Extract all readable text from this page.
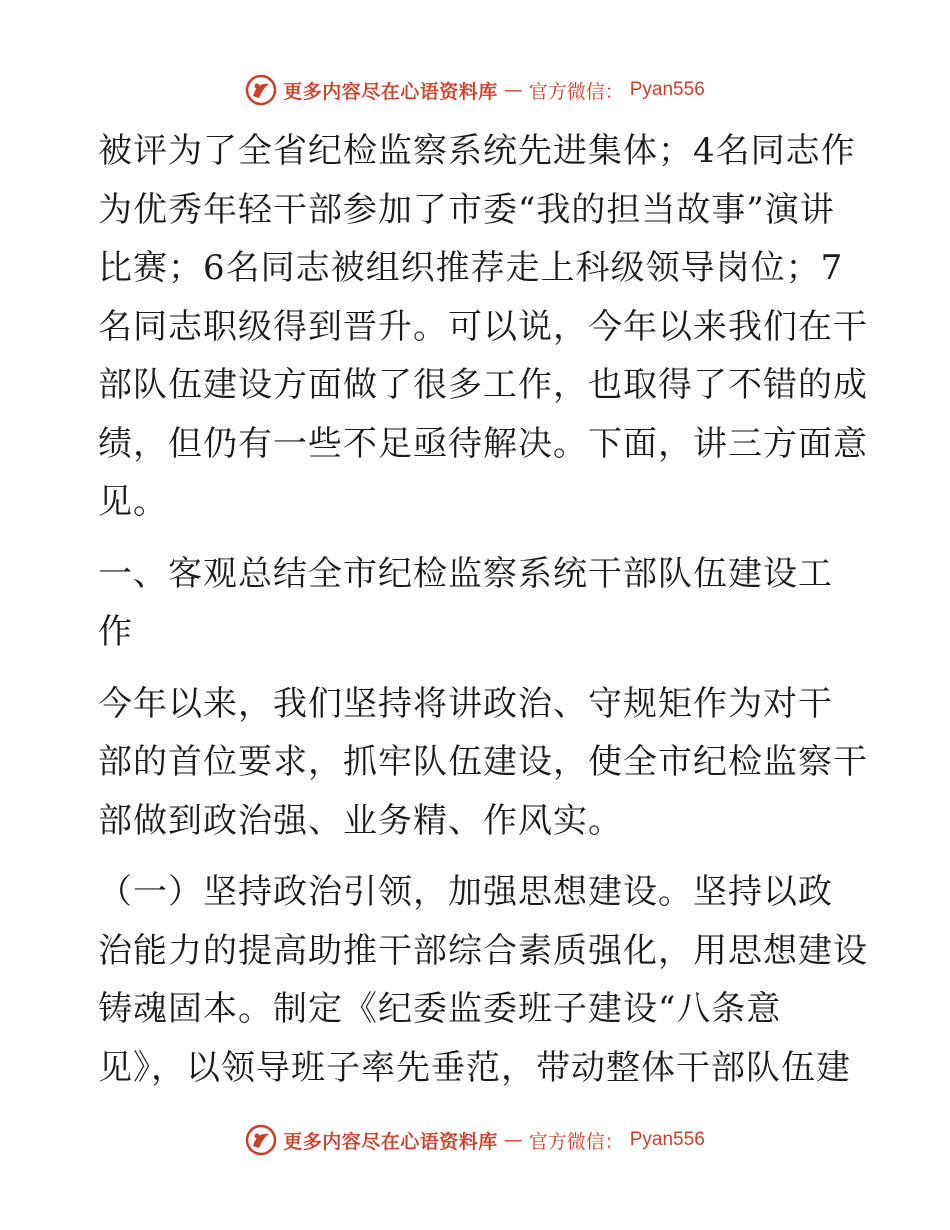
更多内容尽在心语资料库 — 官方微信： Pyan556

被评为了全省纪检监察系统先进集体；4名同志作
为优秀年轻干部参加了市委“我的担当故事”演讲
比赛；6名同志被组织推荐走上科级领导岗位；7
名同志职级得到晋升。可以说，今年以来我们在干
部队伍建设方面做了很多工作，也取得了不错的成
绩，但仍有一些不足亟待解决。下面，讲三方面意
见。

一、客观总结全市纪检监察系统干部队伍建设工
作

今年以来，我们坚持将讲政治、守规矩作为对干
部的首位要求，抓牢队伍建设，使全市纪检监察干
部做到政治强、业务精、作风实。

（一）坚持政治引领，加强思想建设。坚持以政
治能力的提高助推干部综合素质强化，用思想建设
铸魂固本。制定《纪委监委班子建设“八条意
见》，以领导班子率先垂范，带动整体干部队伍建

更多内容尽在心语资料库 — 官方微信： Pyan556
